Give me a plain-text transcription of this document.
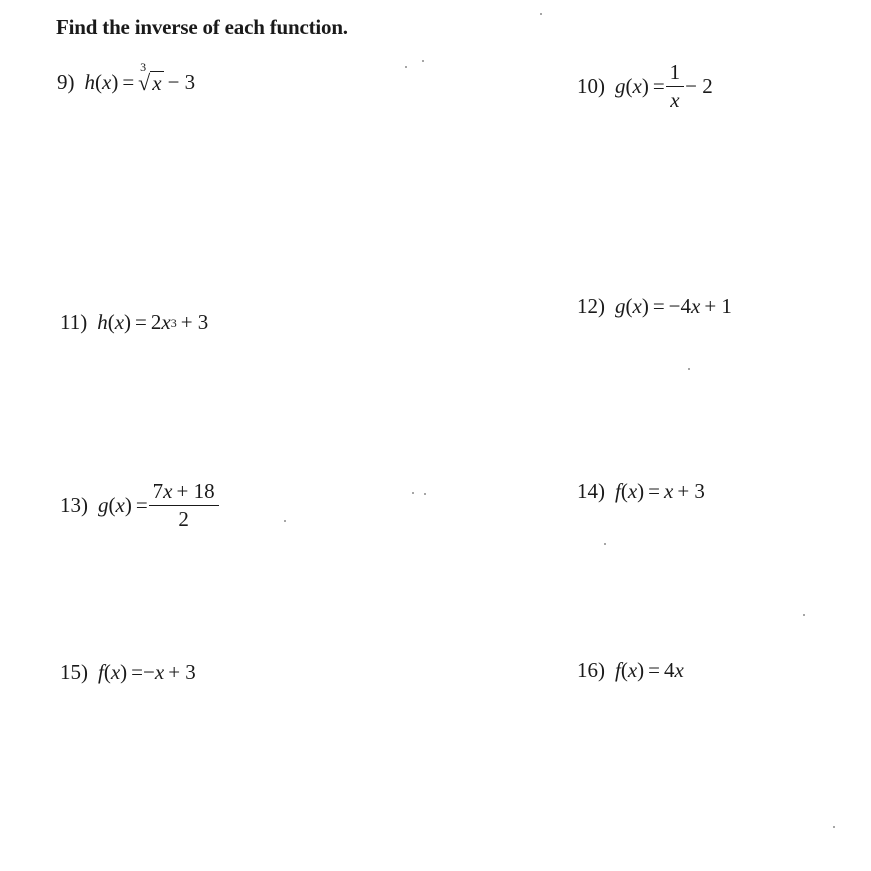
Find the inverse of each function.
9) h ( x ) =
3
√ x − 3	10) g ( x ) = $\frac{1}{x} - 2$
11) h ( x ) = 2 x 3 + 3
12) g ( x ) = −4 x + 1
13) g ( x ) = $\frac{7x + 18}{2}$	14) f ( x ) = x + 3
15) f ( x ) = − x + 3	16) f ( x ) = 4 x
